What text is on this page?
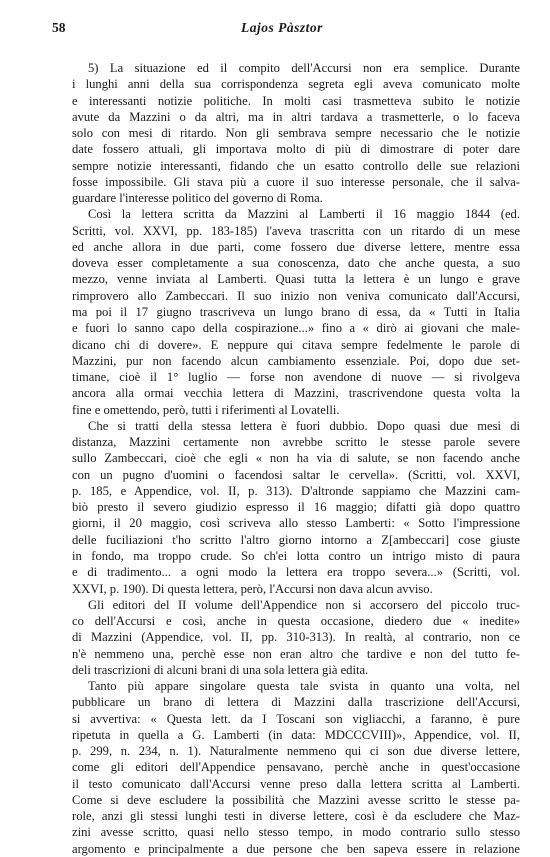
58	Lajos Pàsztor
5) La situazione ed il compito dell'Accursi non era semplice. Durante
i lunghi anni della sua corrispondenza segreta egli aveva comunicato molte
e interessanti notizie politiche. In molti casi trasmetteva subito le notizie
avute da Mazzini o da altri, ma in altri tardava a trasmetterle, o lo faceva
solo con mesi di ritardo. Non gli sembrava sempre necessario che le notizie
date fossero attuali, gli importava molto di più di dimostrare di poter dare
sempre notizie interessanti, fidando che un esatto controllo delle sue relazioni
fosse impossibile. Gli stava più a cuore il suo interesse personale, che il salva-
guardare l'interesse politico del governo di Roma.
Così la lettera scritta da Mazzini al Lamberti il 16 maggio 1844 (ed.
Scritti, vol. XXVI, pp. 183-185) l'aveva trascritta con un ritardo di un mese
ed anche allora in due parti, come fossero due diverse lettere, mentre essa
doveva esser completamente a sua conoscenza, dato che anche questa, a suo
mezzo, venne inviata al Lamberti. Quasi tutta la lettera è un lungo e grave
rimprovero allo Zambeccari. Il suo inizio non veniva comunicato dall'Accursi,
ma poi il 17 giugno trascriveva un lungo brano di essa, da « Tutti in Italia
e fuori lo sanno capo della cospirazione...» fino a « dirò ai giovani che male-
dicano chi di dovere». E neppure qui citava sempre fedelmente le parole di
Mazzini, pur non facendo alcun cambiamento essenziale. Poi, dopo due set-
timane, cioè il 1° luglio — forse non avendone di nuove — si rivolgeva
ancora alla ormai vecchia lettera di Mazzini, trascrivendone questa volta la
fine e omettendo, però, tutti i riferimenti al Lovatelli.
Che si tratti della stessa lettera è fuori dubbio. Dopo quasi due mesi di
distanza, Mazzini certamente non avrebbe scritto le stesse parole severe
sullo Zambeccari, cioè che egli « non ha via di salute, se non facendo anche
con un pugno d'uomini o facendosi saltar le cervella». (Scritti, vol. XXVI,
p. 185, e Appendice, vol. II, p. 313). D'altronde sappiamo che Mazzini cam-
biò presto il severo giudizio espresso il 16 maggio; difatti già dopo quattro
giorni, il 20 maggio, così scriveva allo stesso Lamberti: « Sotto l'impressione
delle fuciliazioni t'ho scritto l'altro giorno intorno a Z[ambeccari] cose giuste
in fondo, ma troppo crude. So ch'ei lotta contro un intrigo misto di paura
e di tradimento... a ogni modo la lettera era troppo severa...» (Scritti, vol.
XXVI, p. 190). Di questa lettera, però, l'Accursi non dava alcun avviso.
Gli editori del II volume dell'Appendice non si accorsero del piccolo truc-
co dell'Accursi e così, anche in questa occasione, diedero due « inedite»
di Mazzini (Appendice, vol. II, pp. 310-313). In realtà, al contrario, non ce
n'è nemmeno una, perchè esse non eran altro che tardive e non del tutto fe-
deli trascrizioni di alcuni brani di una sola lettera già edita.
Tanto più appare singolare questa tale svista in quanto una volta, nel
pubblicare un brano di lettera di Mazzini dalla trascrizione dell'Accursi,
si avvertiva: « Questa lett. da I Toscani son vigliacchi, a faranno, è pure
ripetuta in quella a G. Lamberti (in data: MDCCCVIII)», Appendice, vol. II,
p. 299, n. 234, n. 1). Naturalmente nemmeno qui ci son due diverse lettere,
come gli editori dell'Appendice pensavano, perchè anche in quest'occasione
il testo comunicato dall'Accursi venne preso dalla lettera scritta al Lamberti.
Come si deve escludere la possibilità che Mazzini avesse scritto le stesse pa-
role, anzi gli stessi lunghi testi in diverse lettere, così è da escludere che Maz-
zini avesse scritto, quasi nello stesso tempo, in modo contrario sullo stesso
argomento e principalmente a due persone che ben sapeva essere in relazione
